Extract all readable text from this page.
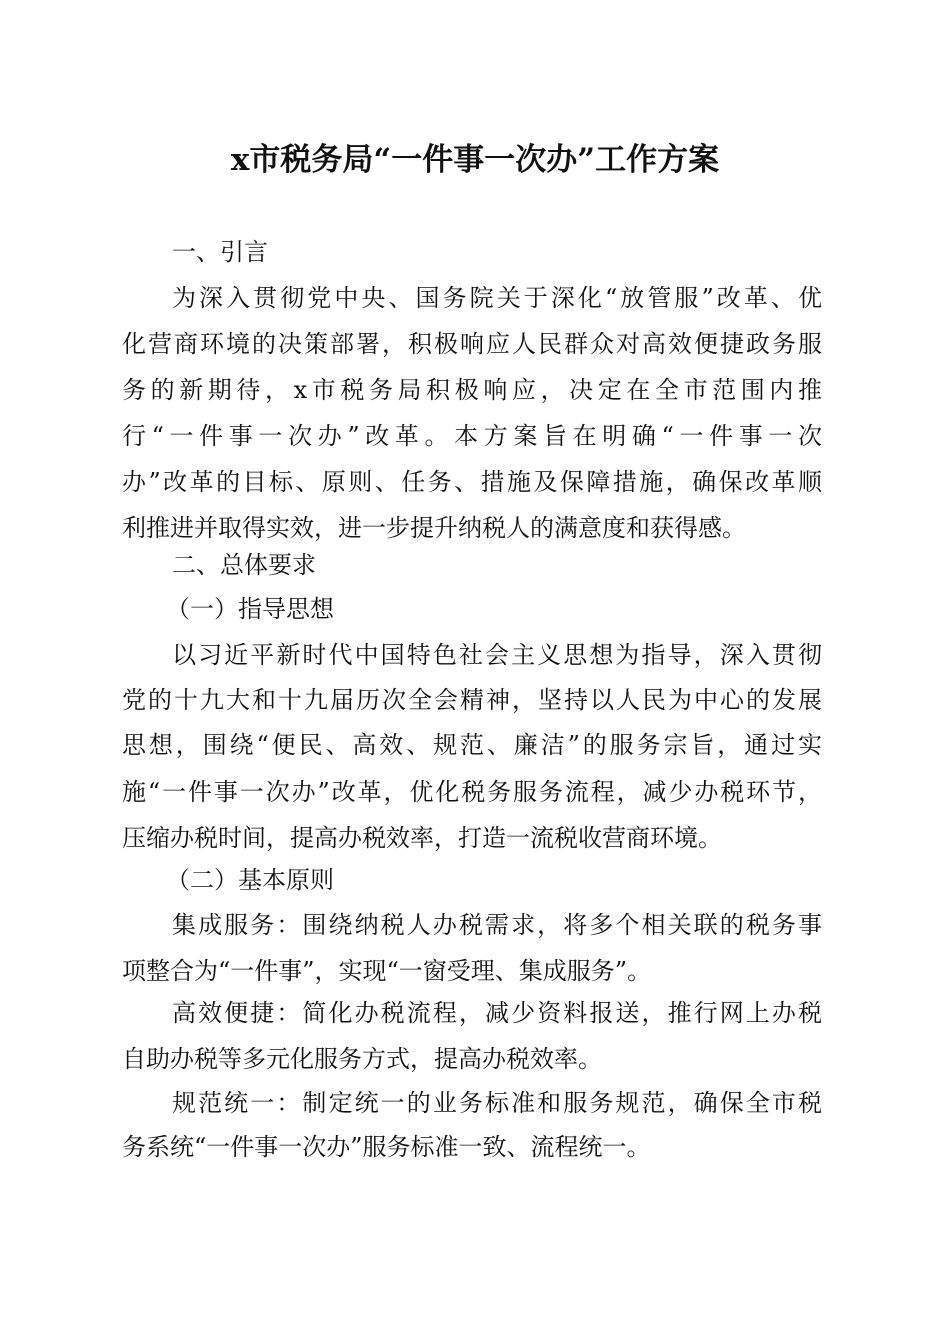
x市税务局“一件事一次办”工作方案
一、引言
为深入贯彻党中央、国务院关于深化“放管服”改革、优
化营商环境的决策部署，积极响应人民群众对高效便捷政务服
务的新期待，x市税务局积极响应，决定在全市范围内推
行“一件事一次办”改革。本方案旨在明确“一件事一次
办”改革的目标、原则、任务、措施及保障措施，确保改革顺
利推进并取得实效，进一步提升纳税人的满意度和获得感。
二、总体要求
（一）指导思想
以习近平新时代中国特色社会主义思想为指导，深入贯彻
党的十九大和十九届历次全会精神，坚持以人民为中心的发展
思想，围绕“便民、高效、规范、廉洁”的服务宗旨，通过实
施“一件事一次办”改革，优化税务服务流程，减少办税环节，
压缩办税时间，提高办税效率，打造一流税收营商环境。
（二）基本原则
集成服务：围绕纳税人办税需求，将多个相关联的税务事
项整合为“一件事”，实现“一窗受理、集成服务”。
高效便捷：简化办税流程，减少资料报送，推行网上办税
自助办税等多元化服务方式，提高办税效率。
规范统一：制定统一的业务标准和服务规范，确保全市税
务系统“一件事一次办”服务标准一致、流程统一。
